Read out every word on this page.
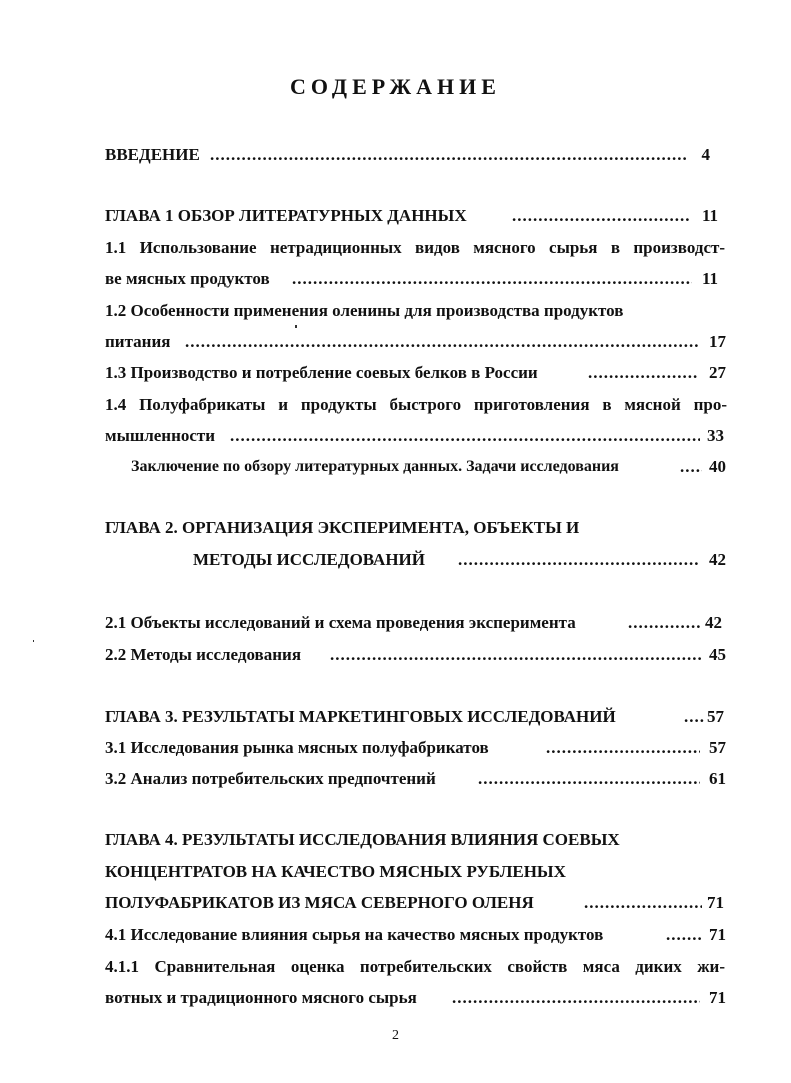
СОДЕРЖАНИЕ
ВВЕДЕНИЕ .....	4
ГЛАВА 1 ОБЗОР ЛИТЕРАТУРНЫХ ДАННЫХ .....	11
1.1 Использование нетрадиционных видов мясного сырья в производст-
ве мясных продуктов .....	11
1.2 Особенности применения оленины для производства продуктов
питания .....	17
1.3 Производство и потребление соевых белков в России .....	27
1.4 Полуфабрикаты и продукты быстрого приготовления в мясной про-
мышленности .....	33
Заключение по обзору литературных данных. Задачи исследования .....	40
ГЛАВА 2. ОРГАНИЗАЦИЯ ЭКСПЕРИМЕНТА, ОБЪЕКТЫ И
МЕТОДЫ ИССЛЕДОВАНИЙ .....	42
2.1 Объекты исследований и схема проведения эксперимента .....	42
2.2 Методы исследования .....	45
ГЛАВА 3. РЕЗУЛЬТАТЫ МАРКЕТИНГОВЫХ ИССЛЕДОВАНИЙ .....	57
3.1 Исследования рынка мясных полуфабрикатов .....	57
3.2 Анализ потребительских предпочтений .....	61
ГЛАВА 4. РЕЗУЛЬТАТЫ ИССЛЕДОВАНИЯ ВЛИЯНИЯ СОЕВЫХ
КОНЦЕНТРАТОВ НА КАЧЕСТВО МЯСНЫХ РУБЛЕНЫХ
ПОЛУФАБРИКАТОВ ИЗ МЯСА СЕВЕРНОГО ОЛЕНЯ .....	71
4.1 Исследование влияния сырья на качество мясных продуктов .....	71
4.1.1 Сравнительная оценка потребительских свойств мяса диких жи-
вотных и традиционного мясного сырья .....	71
2
